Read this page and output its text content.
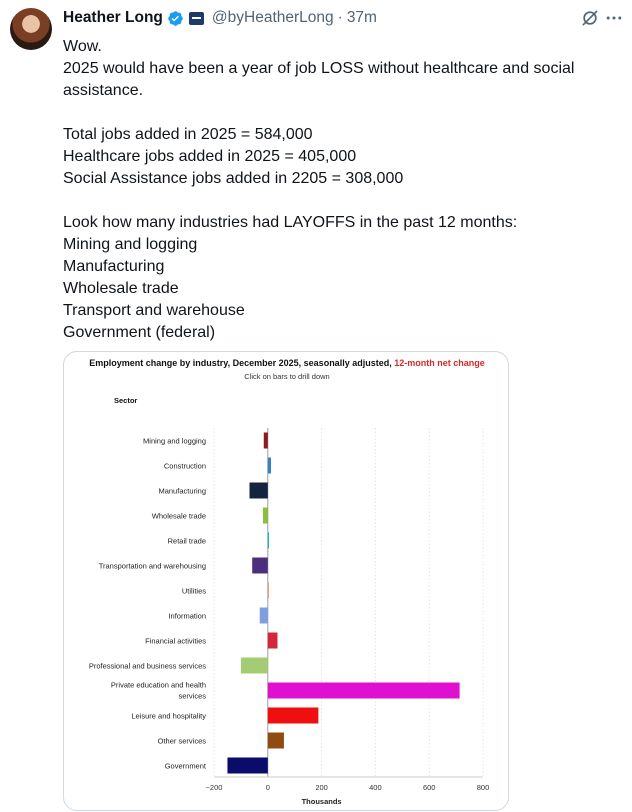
Heather Long	@byHeatherLong · 37m

Wow.

2025 would have been a year of job LOSS without healthcare and social assistance.

Total jobs added in 2025 = 584,000

Healthcare jobs added in 2025 = 405,000

Social Assistance jobs added in 2205 = 308,000

Look how many industries had LAYOFFS in the past 12 months:

Mining and logging

Manufacturing

Wholesale trade

Transport and warehouse

Government (federal)

Employment change by industry, December 2025, seasonally adjusted, 12-month net change
Click on bars to drill down
Sector
−200	0	200	400	600	800
Mining and logging
Construction
Manufacturing
Wholesale trade
Retail trade
Transportation and warehousing
Utilities
Information
Financial activities
Professional and business services
Private education and health
services
Leisure and hospitality
Other services
Government
Thousands
